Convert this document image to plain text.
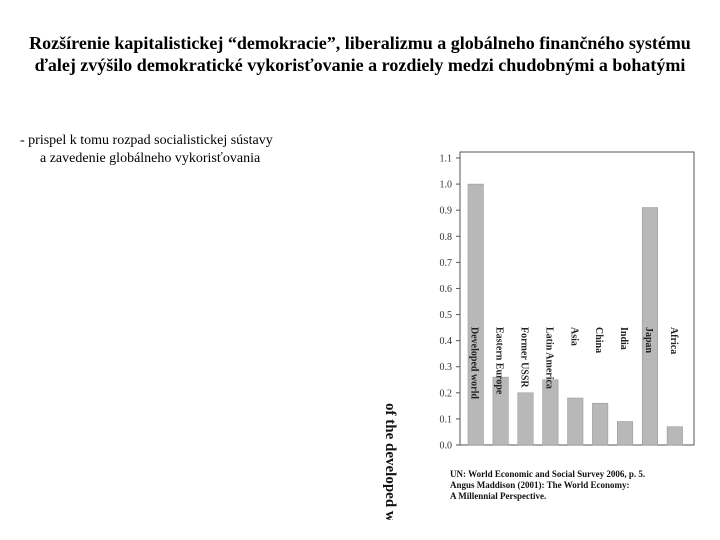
Rozšírenie kapitalistickej “demokracie”, liberalizmu a globálneho finančného systému ďalej zvýšilo demokratické vykorisťovanie a rozdiely medzi chudobnými a bohatými
- prispel k tomu rozpad socialistickej sústavy
a zavedenie globálneho vykorisťovania
0.0
0.1
0.2
0.3
0.4
0.5
0.6
0.7
0.8
0.9
1.0
1.1
Developed world Eastern Europe Former USSR Latin America Asia China India Japan Africa
of the developed w	UN: World Economic and Social Survey 2006, p. 5.
Angus Maddison (2001): The World Economy:
A Millennial Perspective.
